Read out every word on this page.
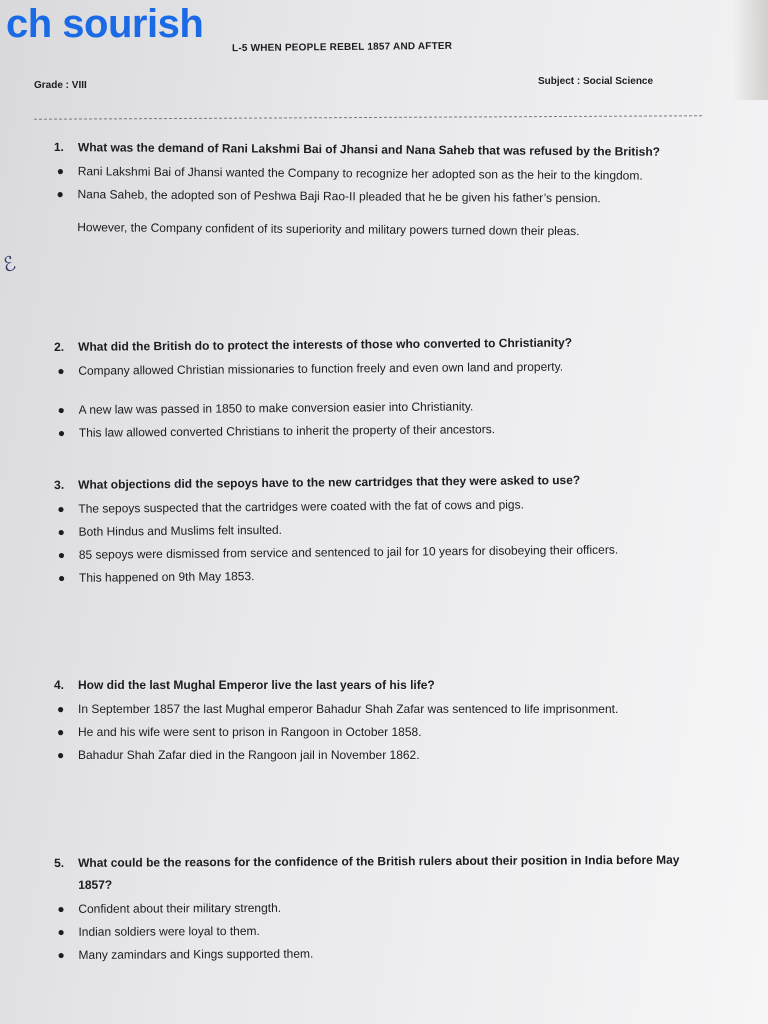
ch sourish
L-5 WHEN PEOPLE REBEL 1857 AND AFTER
Grade : VIII	Subject : Social Science
ℰ
1. What was the demand of Rani Lakshmi Bai of Jhansi and Nana Saheb that was refused by the British?
● Rani Lakshmi Bai of Jhansi wanted the Company to recognize her adopted son as the heir to the kingdom.
● Nana Saheb, the adopted son of Peshwa Baji Rao-II pleaded that he be given his father’s pension.
However, the Company confident of its superiority and military powers turned down their pleas.
2. What did the British do to protect the interests of those who converted to Christianity?
● Company allowed Christian missionaries to function freely and even own land and property.
● A new law was passed in 1850 to make conversion easier into Christianity.
● This law allowed converted Christians to inherit the property of their ancestors.
3. What objections did the sepoys have to the new cartridges that they were asked to use?
● The sepoys suspected that the cartridges were coated with the fat of cows and pigs.
● Both Hindus and Muslims felt insulted.
● 85 sepoys were dismissed from service and sentenced to jail for 10 years for disobeying their officers.
● This happened on 9th May 1853.
4. How did the last Mughal Emperor live the last years of his life?
● In September 1857 the last Mughal emperor Bahadur Shah Zafar was sentenced to life imprisonment.
● He and his wife were sent to prison in Rangoon in October 1858.
● Bahadur Shah Zafar died in the Rangoon jail in November 1862.
5. What could be the reasons for the confidence of the British rulers about their position in India before May 1857?
● Confident about their military strength.
● Indian soldiers were loyal to them.
● Many zamindars and Kings supported them.
